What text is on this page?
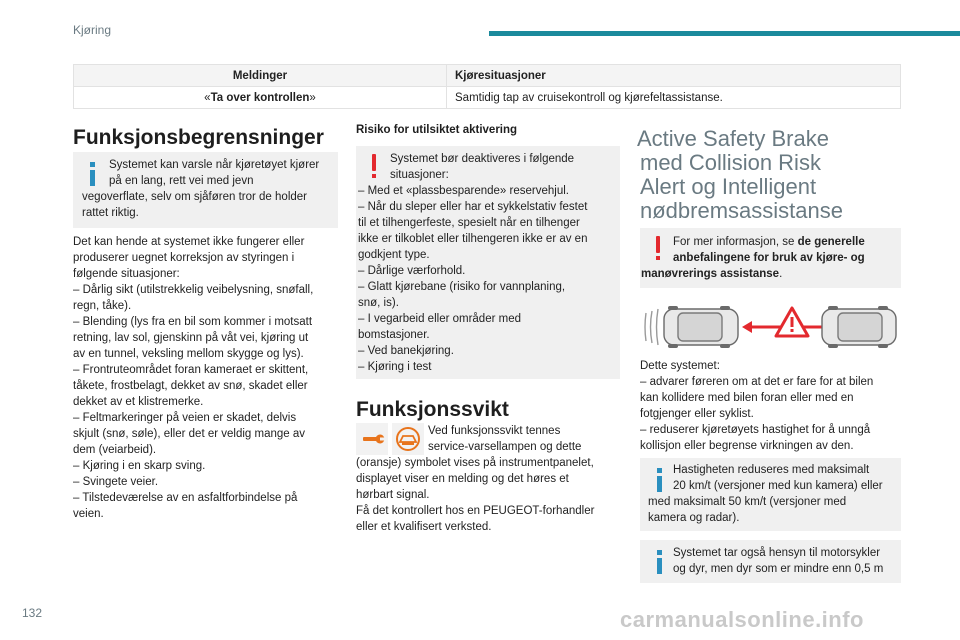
Kjøring
Meldinger	Kjøresituasjoner
«Ta over kontrollen»	Samtidig tap av cruisekontroll og kjørefeltassistanse.
Funksjonsbegrensninger
Systemet kan varsle når kjøretøyet kjører
på en lang, rett vei med jevn
vegoverflate, selv om sjåføren tror de holder
rattet riktig.
Det kan hende at systemet ikke fungerer eller
produserer uegnet korreksjon av styringen i
følgende situasjoner:
– Dårlig sikt (utilstrekkelig veibelysning, snøfall,
regn, tåke).
– Blending (lys fra en bil som kommer i motsatt
retning, lav sol, gjenskinn på våt vei, kjøring ut
av en tunnel, veksling mellom skygge og lys).
– Frontruteområdet foran kameraet er skittent,
tåkete, frostbelagt, dekket av snø, skadet eller
dekket av et klistremerke.
– Feltmarkeringer på veien er skadet, delvis
skjult (snø, søle), eller det er veldig mange av
dem (veiarbeid).
– Kjøring i en skarp sving.
– Svingete veier.
– Tilstedeværelse av en asfaltforbindelse på
veien.
Risiko for utilsiktet aktivering
Systemet bør deaktiveres i følgende
situasjoner:
– Med et «plassbesparende» reservehjul.
– Når du sleper eller har et sykkelstativ festet
til et tilhengerfeste, spesielt når en tilhenger
ikke er tilkoblet eller tilhengeren ikke er av en
godkjent type.
– Dårlige værforhold.
– Glatt kjørebane (risiko for vannplaning,
snø, is).
– I vegarbeid eller områder med
bomstasjoner.
– Ved banekjøring.
– Kjøring i test
Funksjonssvikt
Ved funksjonssvikt tennes
service-varsellampen og dette
(oransje) symbolet vises på instrumentpanelet,
displayet viser en melding og det høres et
hørbart signal.
Få det kontrollert hos en PEUGEOT-forhandler
eller et kvalifisert verksted.
Active Safety Brake
med Collision Risk
Alert og Intelligent
nødbremsassistanse
For mer informasjon, se de generelle
anbefalingene for bruk av kjøre- og
manøvrerings assistanse.
Dette systemet:
– advarer føreren om at det er fare for at bilen
kan kollidere med bilen foran eller med en
fotgjenger eller syklist.
– reduserer kjøretøyets hastighet for å unngå
kollisjon eller begrense virkningen av den.
Hastigheten reduseres med maksimalt
20 km/t (versjoner med kun kamera) eller
med maksimalt 50 km/t (versjoner med
kamera og radar).
Systemet tar også hensyn til motorsykler
og dyr, men dyr som er mindre enn 0,5 m
132	carmanualsonline.info
